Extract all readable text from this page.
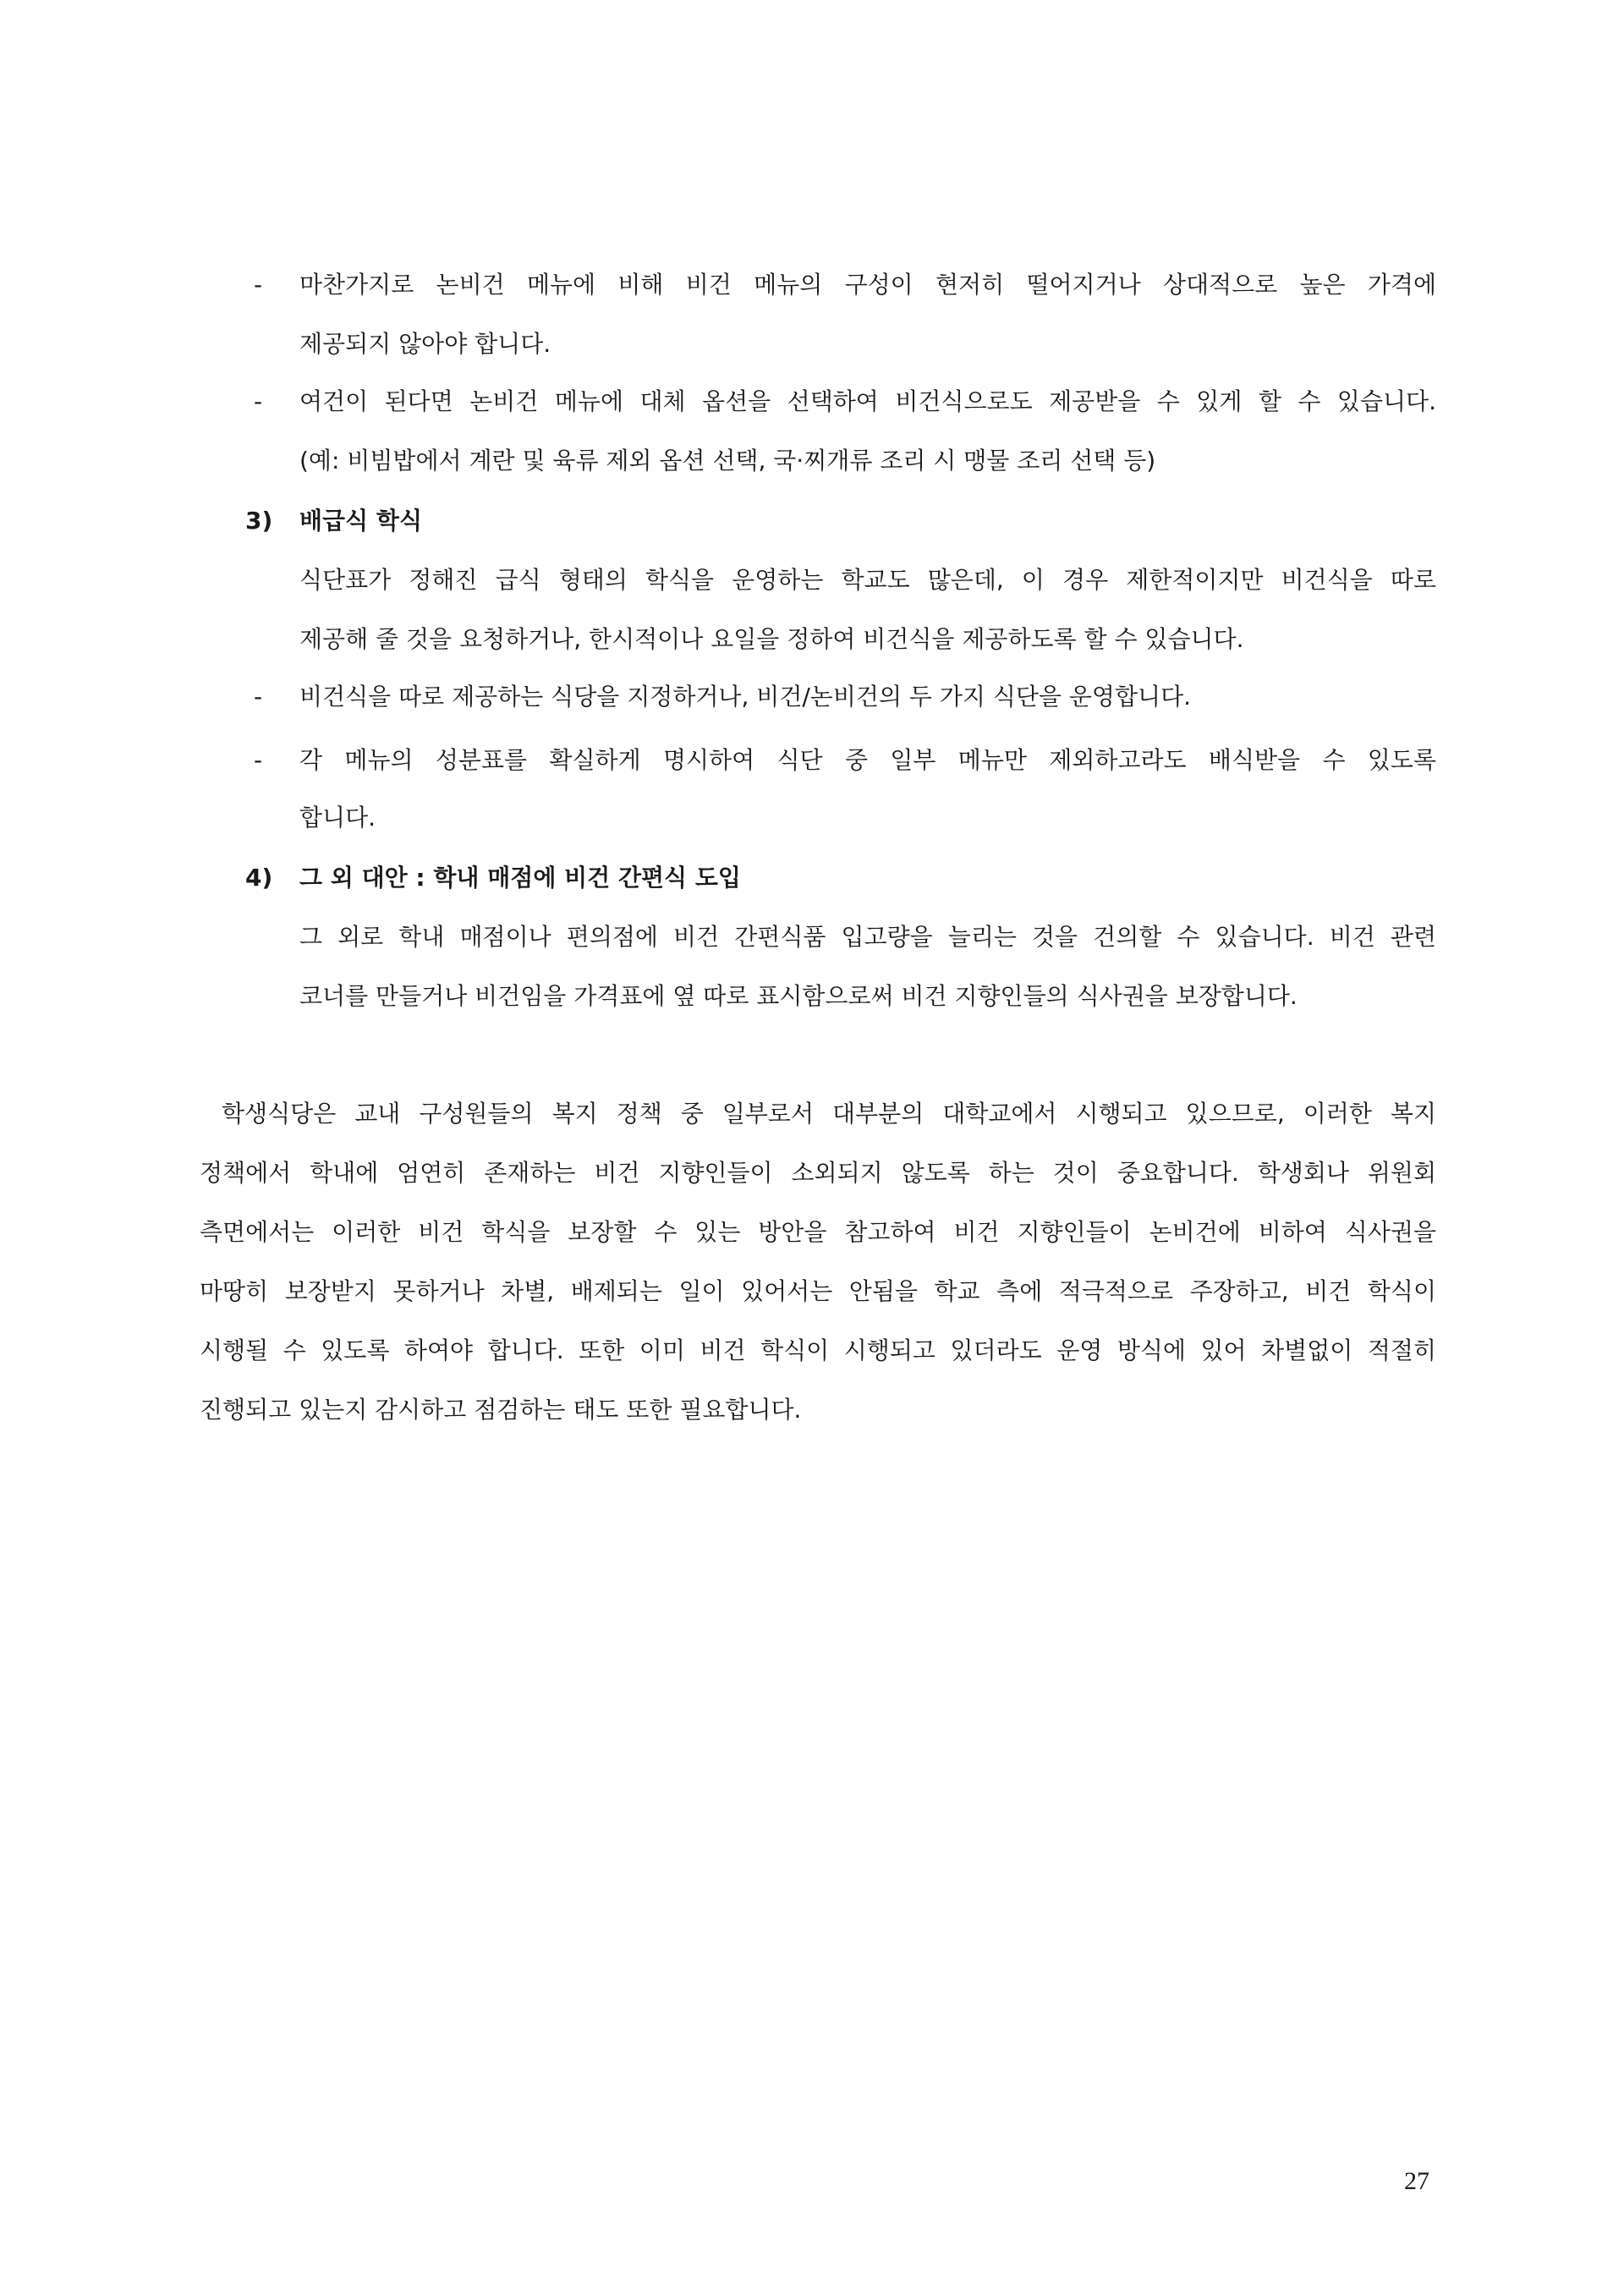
- 마찬가지로 논비건 메뉴에 비해 비건 메뉴의 구성이 현저히 떨어지거나 상대적으로 높은 가격에
제공되지 않아야 합니다.
- 여건이 된다면 논비건 메뉴에 대체 옵션을 선택하여 비건식으로도 제공받을 수 있게 할 수 있습니다.
(예: 비빔밥에서 계란 및 육류 제외 옵션 선택, 국·찌개류 조리 시 맹물 조리 선택 등)
3) 배급식 학식
식단표가 정해진 급식 형태의 학식을 운영하는 학교도 많은데, 이 경우 제한적이지만 비건식을 따로
제공해 줄 것을 요청하거나, 한시적이나 요일을 정하여 비건식을 제공하도록 할 수 있습니다.
- 비건식을 따로 제공하는 식당을 지정하거나, 비건/논비건의 두 가지 식단을 운영합니다.
- 각 메뉴의 성분표를 확실하게 명시하여 식단 중 일부 메뉴만 제외하고라도 배식받을 수 있도록
합니다.
4) 그 외 대안 : 학내 매점에 비건 간편식 도입
그 외로 학내 매점이나 편의점에 비건 간편식품 입고량을 늘리는 것을 건의할 수 있습니다. 비건 관련
코너를 만들거나 비건임을 가격표에 옆 따로 표시함으로써 비건 지향인들의 식사권을 보장합니다.
학생식당은 교내 구성원들의 복지 정책 중 일부로서 대부분의 대학교에서 시행되고 있으므로, 이러한 복지
정책에서 학내에 엄연히 존재하는 비건 지향인들이 소외되지 않도록 하는 것이 중요합니다. 학생회나 위원회
측면에서는 이러한 비건 학식을 보장할 수 있는 방안을 참고하여 비건 지향인들이 논비건에 비하여 식사권을
마땅히 보장받지 못하거나 차별, 배제되는 일이 있어서는 안됨을 학교 측에 적극적으로 주장하고, 비건 학식이
시행될 수 있도록 하여야 합니다. 또한 이미 비건 학식이 시행되고 있더라도 운영 방식에 있어 차별없이 적절히
진행되고 있는지 감시하고 점검하는 태도 또한 필요합니다.
27
